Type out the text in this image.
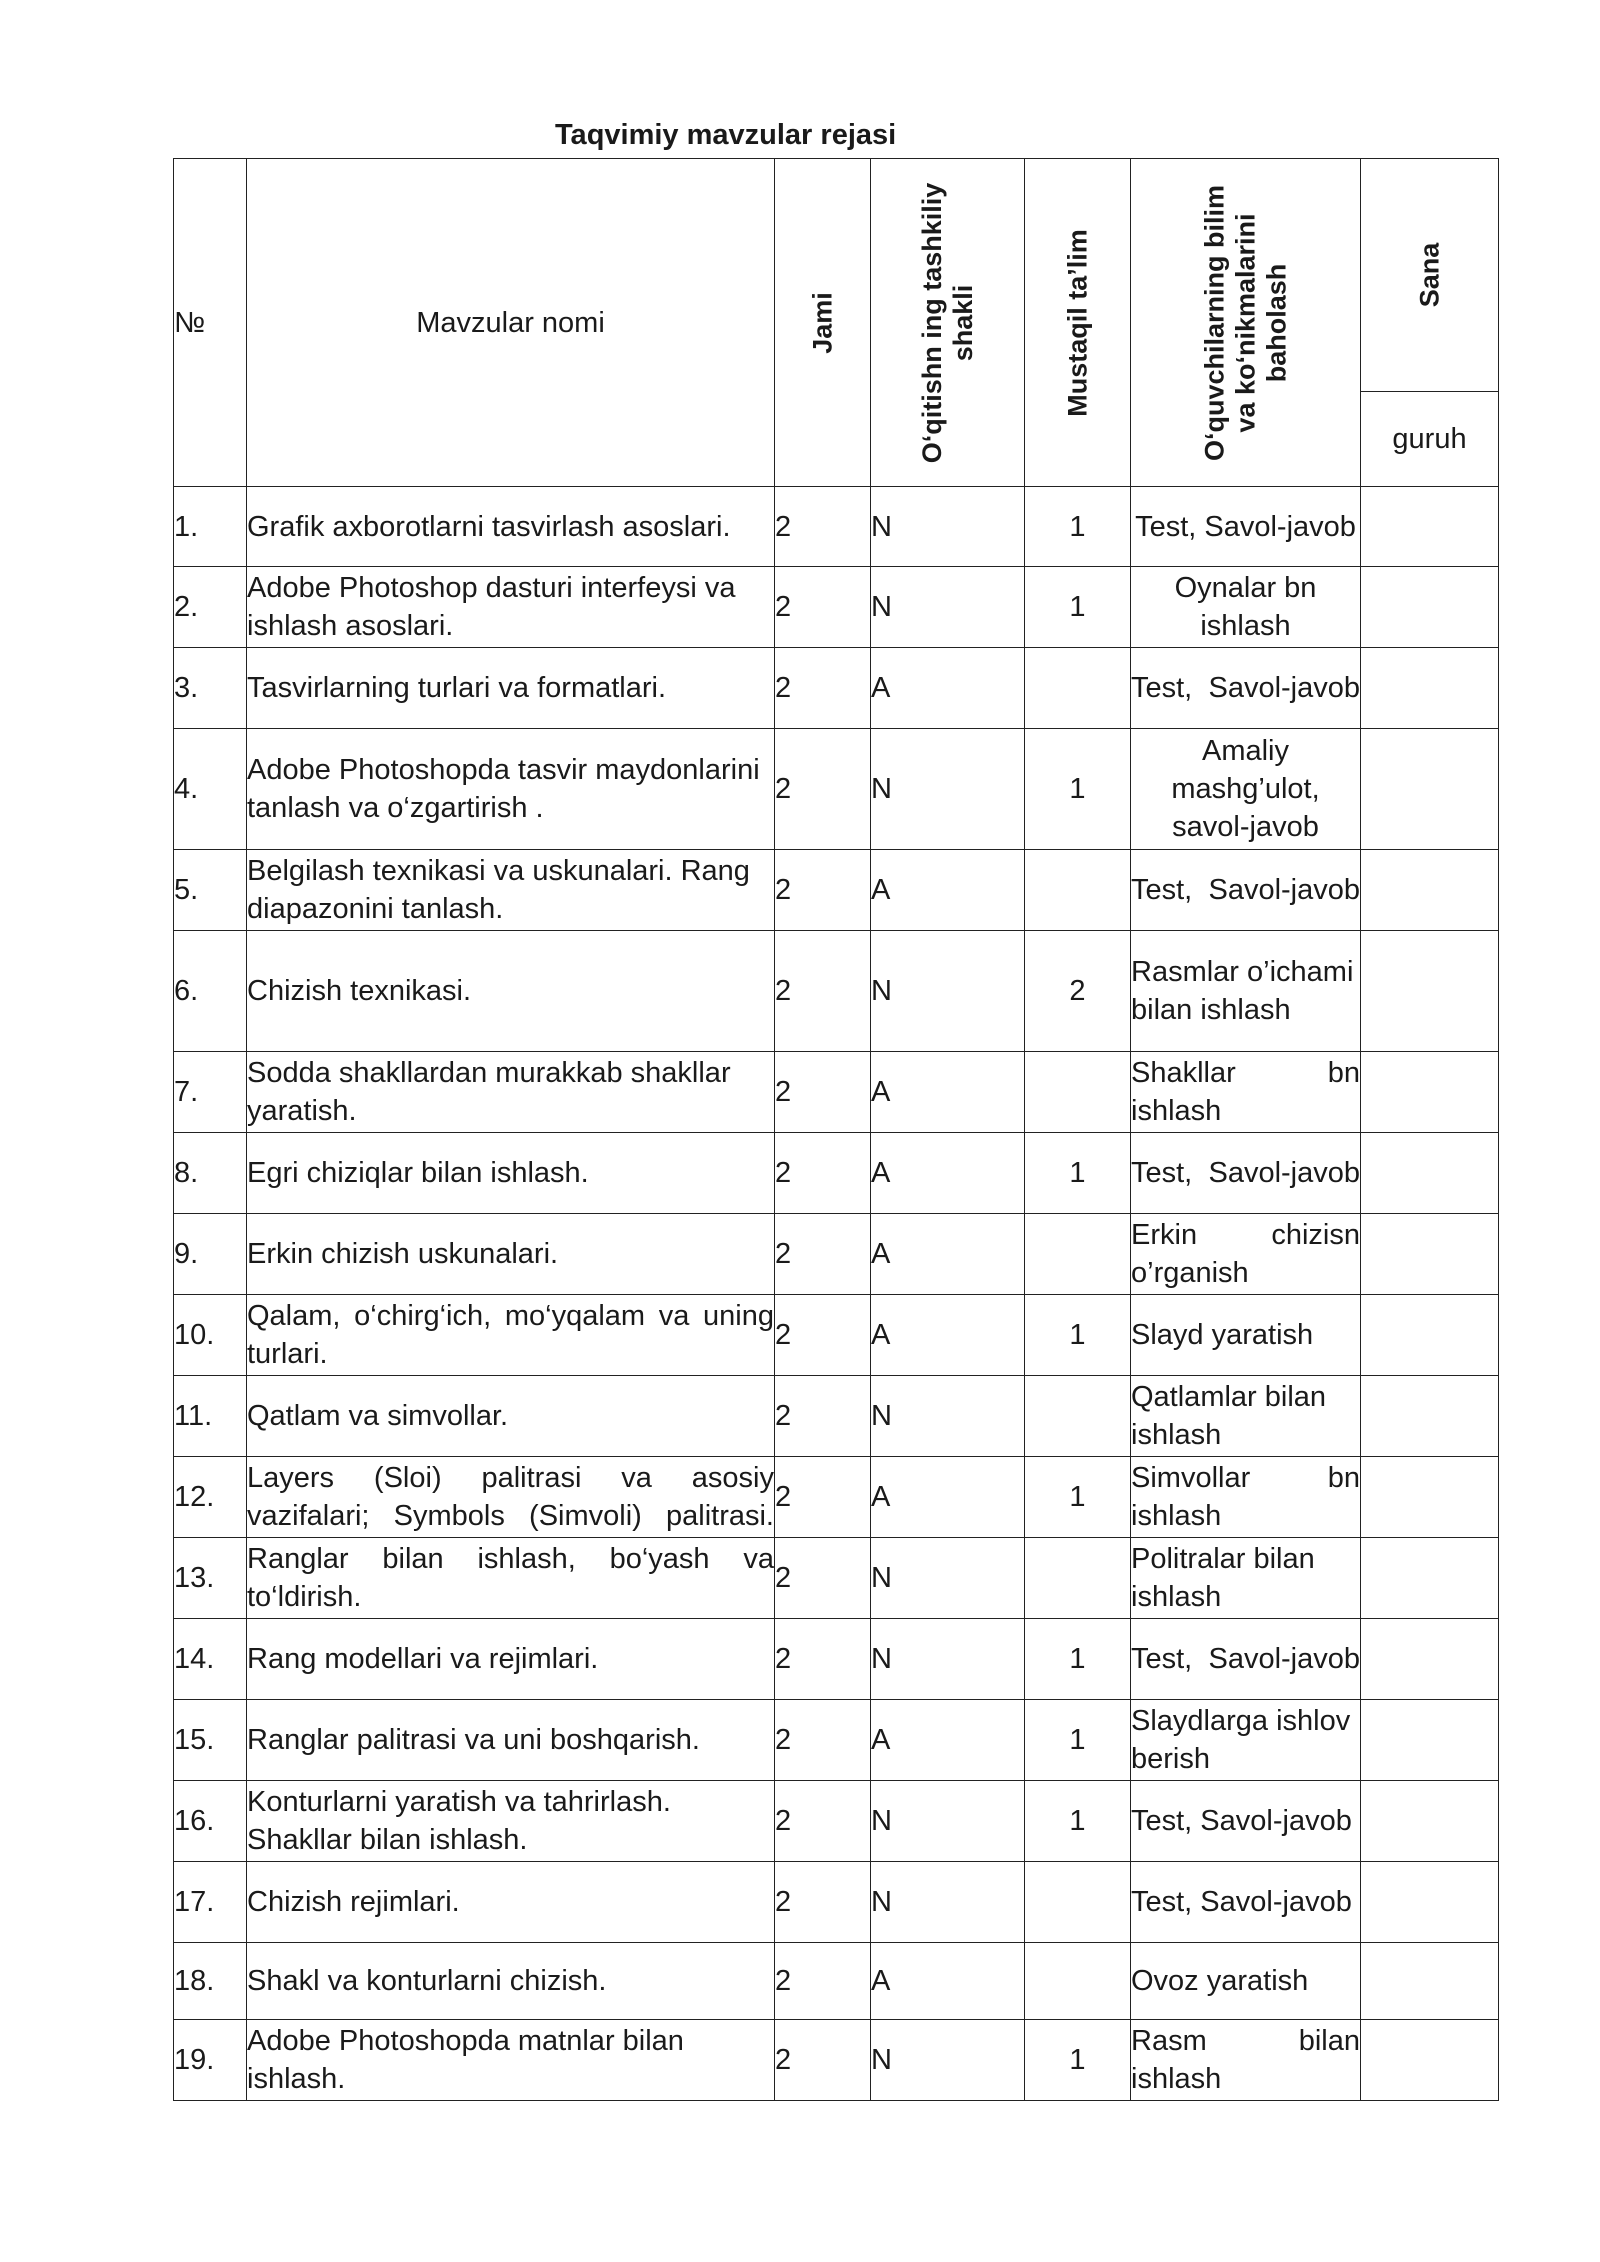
Taqvimiy mavzular rejasi
№	Mavzular nomi	Jami	O‘qitishn ing tashkiliy shakli	Mustaqil ta’lim	O‘quvchilarning bilim va ko‘nikmalarini baholash	Sana

						guruh
1.	Grafik axborotlarni tasvirlash asoslari.	2	N	1	Test, Savol-javob	
2.	Adobe Photoshop dasturi interfeysi va ishlash asoslari.	2	N	1	Oynalar bn ishlash	
3.	Tasvirlarning turlari va formatlari.	2	A		Test, Savol-javob	
4.	Adobe Photoshopda tasvir maydonlarini tanlash va o‘zgartirish .	2	N	1	Amaliy mashg’ulot, savol-javob	
5.	Belgilash texnikasi va uskunalari. Rang diapazonini tanlash.	2	A		Test, Savol-javob	
6.	Chizish texnikasi.	2	N	2	Rasmlar o’ichami bilan ishlash	
7.	Sodda shakllardan murakkab shakllar yaratish.	2	A		Shakllar bn ishlash	
8.	Egri chiziqlar bilan ishlash.	2	A	1	Test, Savol-javob	
9.	Erkin chizish uskunalari.	2	A		Erkin chizisn o’rganish	
10.	Qalam, o‘chirg‘ich, mo‘yqalam va uning turlari.	2	A	1	Slayd yaratish	
11.	Qatlam va simvollar.	2	N		Qatlamlar bilan ishlash	
12.	Layers (Sloi) palitrasi va asosiy vazifalari; Symbols (Simvoli) palitrasi.	2	A	1	Simvollar bn ishlash	
13.	Ranglar bilan ishlash, bo‘yash va to‘ldirish.	2	N		Politralar bilan ishlash	
14.	Rang modellari va rejimlari.	2	N	1	Test, Savol-javob	
15.	Ranglar palitrasi va uni boshqarish.	2	A	1	Slaydlarga ishlov berish	
16.	Konturlarni yaratish va tahrirlash. Shakllar bilan ishlash.	2	N	1	Test, Savol-javob	
17.	Chizish rejimlari.	2	N		Test, Savol-javob	
18.	Shakl va konturlarni chizish.	2	A		Ovoz yaratish	
19.	Adobe Photoshopda matnlar bilan ishlash.	2	N	1	Rasm bilan ishlash	
